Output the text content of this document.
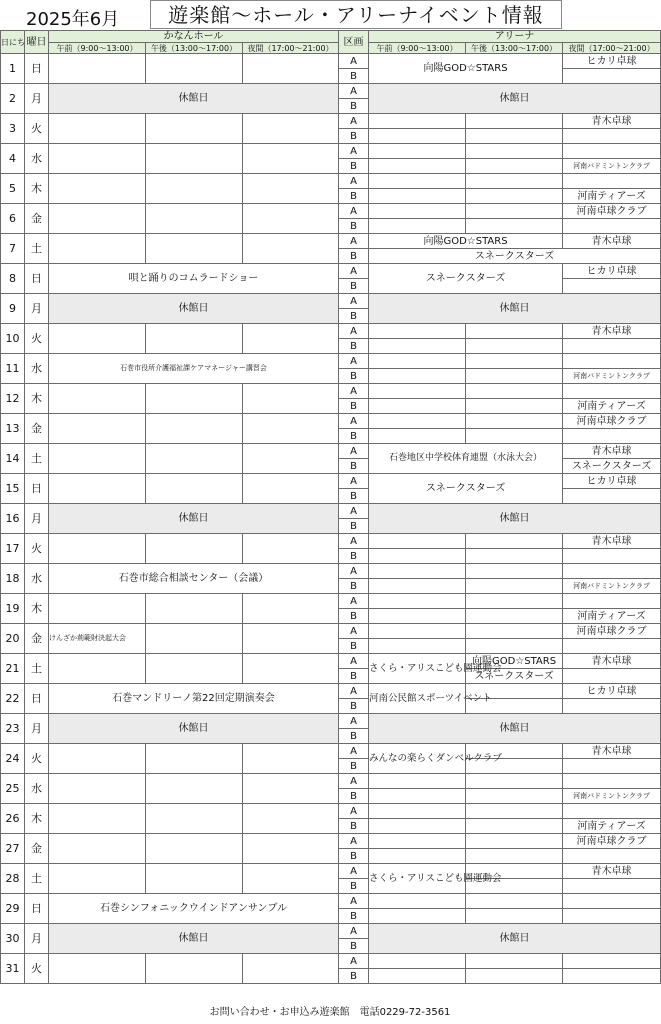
2025年6月	遊楽館〜ホール・アリーナイベント情報
日にち	曜日	かなんホール			区画	アリーナ		
		午前（9:00〜13:00）	午後（13:00〜17:00）	夜間（17:00〜21:00）		午前（9:00〜13:00）	午後（13:00〜17:00）	夜間（17:00〜21:00）
1	日				A	向陽GOD☆STARS		ヒカリ卓球
					B			
2	月	休館日			A	休館日		
					B			
3	火				A			青木卓球
					B			
4	水				A			
					B			河南バドミントンクラブ
5	木				A			
					B			河南ティアーズ
6	金				A			河南卓球クラブ
					B			
7	土				A	向陽GOD☆STARS		青木卓球
					B	スネークスターズ		
8	日	唄と踊りのコムラードショー			A	スネークスターズ		ヒカリ卓球
					B			
9	月	休館日			A	休館日		
					B			
10	火				A			青木卓球
					B			
11	水	石巻市役所介護福祉課ケアマネージャー講習会			A			
					B			河南バドミントンクラブ
12	木				A			
					B			河南ティアーズ
13	金				A			河南卓球クラブ
					B			
14	土				A	石巻地区中学校体育連盟（水泳大会）		青木卓球
					B			スネークスターズ
15	日				A	スネークスターズ		ヒカリ卓球
					B			
16	月	休館日			A	休館日		
					B			
17	火				A			青木卓球
					B			
18	水	石巻市総合相談センター（会議）			A			
					B			河南バドミントンクラブ
19	木				A			
					B			河南ティアーズ
20	金	けんざか荊範財決起大会			A			河南卓球クラブ
					B			
21	土				A	さくら・アリスこども園運動会	向陽GOD☆STARS	青木卓球
					B		スネークスターズ	
22	日	石巻マンドリーノ第22回定期演奏会			A	河南公民館スポーツイベント		ヒカリ卓球
					B			
23	月	休館日			A	休館日		
					B			
24	火				A	みんなの楽らくダンベルクラブ		青木卓球
					B			
25	水				A			
					B			河南バドミントンクラブ
26	木				A			
					B			河南ティアーズ
27	金				A			河南卓球クラブ
					B			
28	土				A	さくら・アリスこども園運動会		青木卓球
					B			
29	日	石巻シンフォニックウインドアンサンブル			A			
					B			
30	月	休館日			A	休館日		
					B			
31	火				A			
					B			
お問い合わせ・お申込み遊楽館　電話0229-72-3561
